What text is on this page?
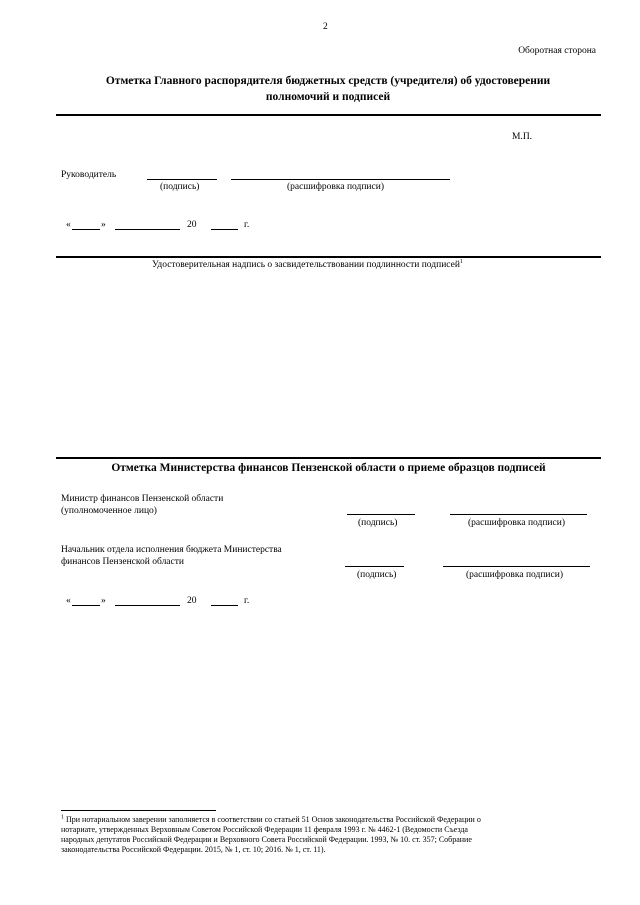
2
Оборотная сторона
Отметка Главного распорядителя бюджетных средств (учредителя) об удостоверении
полномочий и подписей
М.П.
Руководитель
(подпись)	(расшифровка подписи)
«	»	20	г.
Удостоверительная надпись о засвидетельствовании подлинности подписей$^1$
Отметка Министерства финансов Пензенской области о приеме образцов подписей
Министр финансов Пензенской области
(уполномоченное лицо)
(подпись)	(расшифровка подписи)
Начальник отдела исполнения бюджета Министерства
финансов Пензенской области
(подпись)	(расшифровка подписи)
«	»	20	г.
$^1$ При нотариальном заверении заполняется в соответствии со статьей 51 Основ законодательства Российской Федерации о
нотариате, утвержденных Верховным Советом Российской Федерации 11 февраля 1993 г. № 4462-1 (Ведомости Съезда
народных депутатов Российской Федерации и Верховного Совета Российской Федерации. 1993, № 10. ст. 357; Собрание
законодательства Российской Федерации. 2015, № 1, ст. 10; 2016. № 1, ст. 11).
